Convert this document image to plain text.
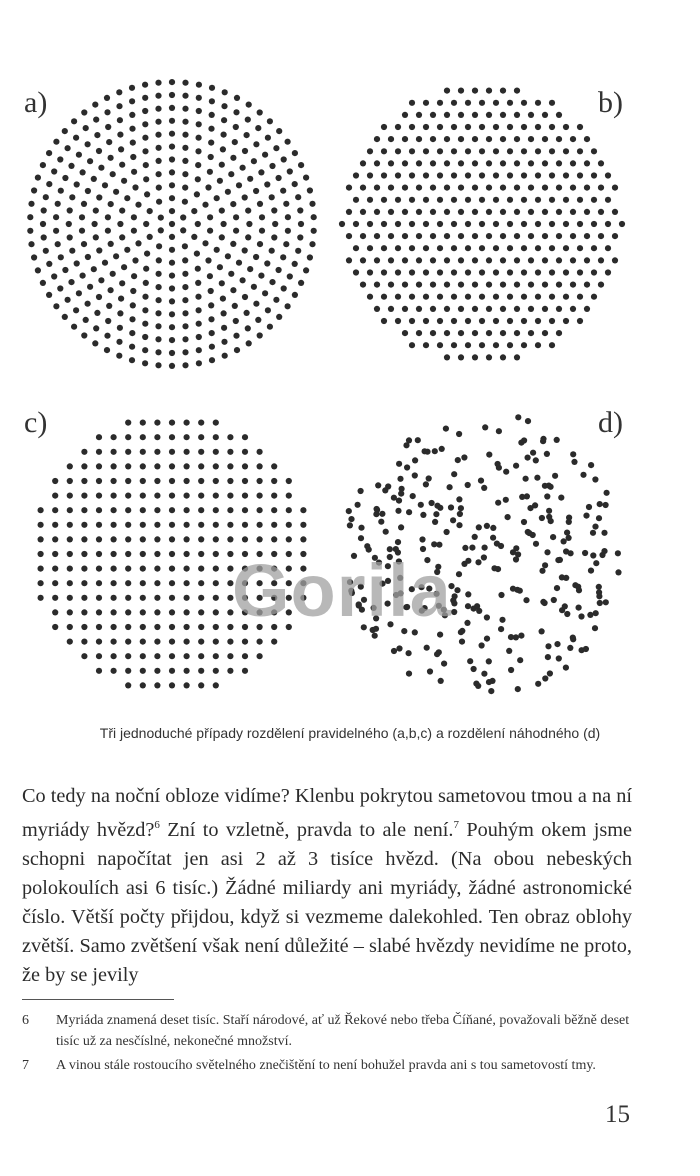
a)	b)
c)	d)
Gorila
Tři jednoduché případy rozdělení pravidelného (a,b,c) a rozdělení náhodného (d)

Co tedy na noční obloze vidíme? Klenbu pokrytou sametovou tmou a na ní myriády hvězd?$^6$ Zní to vzletně, pravda to ale není.$^7$ Pouhým okem jsme schopni napočítat jen asi 2 až 3 tisíce hvězd. (Na obou nebeských polokoulích asi 6 tisíc.) Žádné miliardy ani myriády, žádné astronomické číslo. Větší počty přijdou, když si vezmeme dalekohled. Ten obraz oblohy zvětší. Samo zvětšení však není důležité – slabé hvězdy nevidíme ne proto, že by se jevily

6	Myriáda znamená deset tisíc. Staří národové, ať už Řekové nebo třeba Číňané, považovali běžně deset tisíc už za nesčíslné, nekonečné množství.
7	A vinou stále rostoucího světelného znečištění to není bohužel pravda ani s tou sametovostí tmy.
15
